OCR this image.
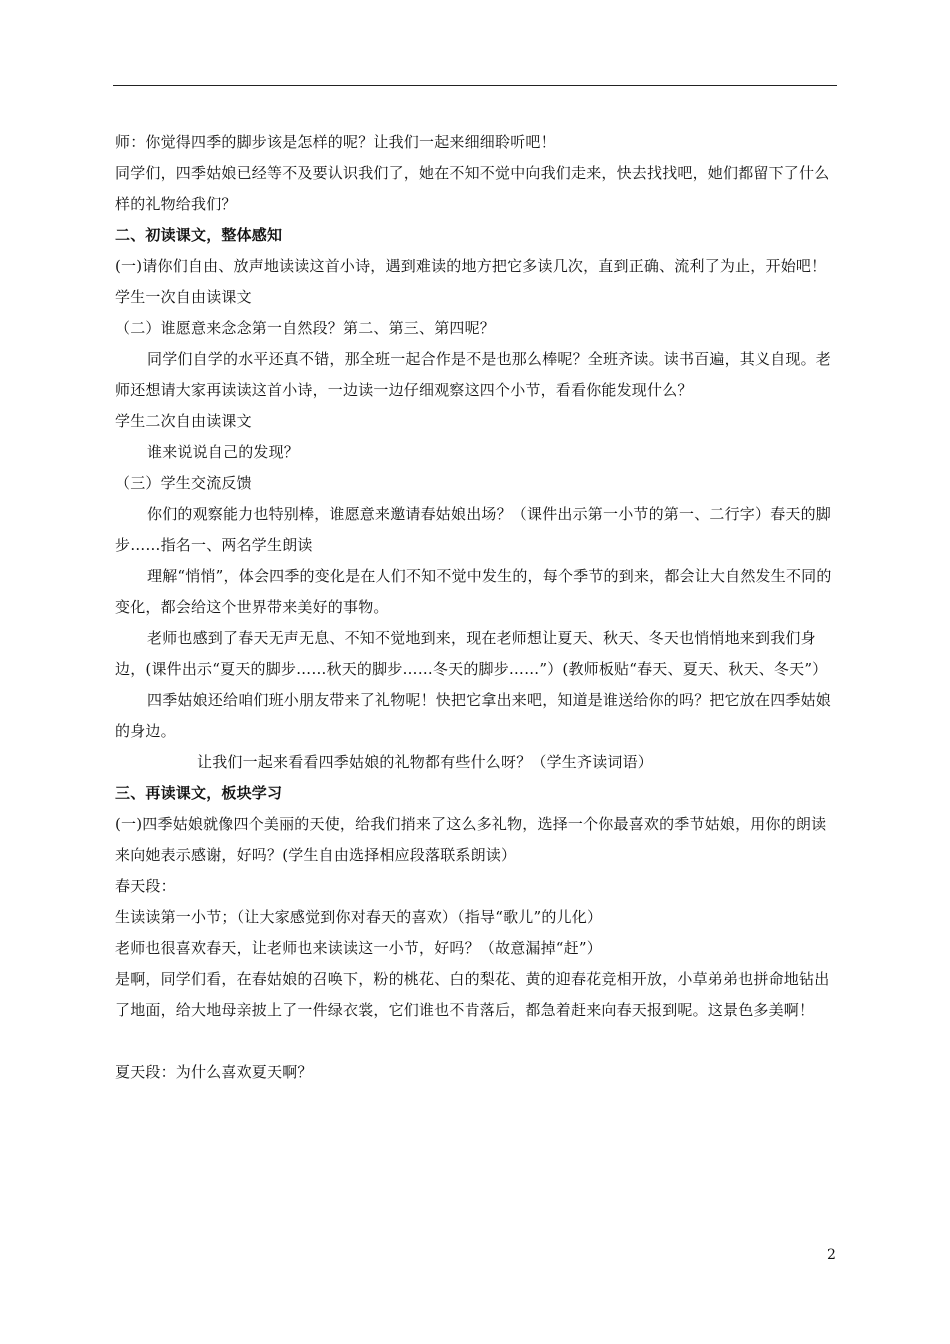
师：你觉得四季的脚步该是怎样的呢？让我们一起来细细聆听吧！

同学们，四季姑娘已经等不及要认识我们了，她在不知不觉中向我们走来，快去找找吧，她们都留下了什么样的礼物给我们？

二、初读课文，整体感知

(一)请你们自由、放声地读读这首小诗，遇到难读的地方把它多读几次，直到正确、流利了为止，开始吧！

学生一次自由读课文

（二）谁愿意来念念第一自然段？第二、第三、第四呢？

同学们自学的水平还真不错，那全班一起合作是不是也那么棒呢？全班齐读。读书百遍，其义自现。老师还想请大家再读读这首小诗，一边读一边仔细观察这四个小节，看看你能发现什么？

学生二次自由读课文

谁来说说自己的发现？

（三）学生交流反馈

你们的观察能力也特别棒，谁愿意来邀请春姑娘出场？（课件出示第一小节的第一、二行字）春天的脚步……指名一、两名学生朗读

理解“悄悄”，体会四季的变化是在人们不知不觉中发生的，每个季节的到来，都会让大自然发生不同的变化，都会给这个世界带来美好的事物。

老师也感到了春天无声无息、不知不觉地到来，现在老师想让夏天、秋天、冬天也悄悄地来到我们身边，(课件出示“夏天的脚步……秋天的脚步……冬天的脚步……”）(教师板贴“春天、夏天、秋天、冬天”）

四季姑娘还给咱们班小朋友带来了礼物呢！快把它拿出来吧，知道是谁送给你的吗？把它放在四季姑娘的身边。

让我们一起来看看四季姑娘的礼物都有些什么呀？（学生齐读词语）

三、再读课文，板块学习

(一)四季姑娘就像四个美丽的天使，给我们捎来了这么多礼物，选择一个你最喜欢的季节姑娘，用你的朗读来向她表示感谢，好吗？(学生自由选择相应段落联系朗读）

春天段：

生读读第一小节；（让大家感觉到你对春天的喜欢）（指导“歌儿”的儿化）

老师也很喜欢春天，让老师也来读读这一小节，好吗？（故意漏掉“赶”）

是啊，同学们看，在春姑娘的召唤下，粉的桃花、白的梨花、黄的迎春花竞相开放，小草弟弟也拼命地钻出了地面，给大地母亲披上了一件绿衣裳，它们谁也不肯落后，都急着赶来向春天报到呢。这景色多美啊！

夏天段：为什么喜欢夏天啊？

2
